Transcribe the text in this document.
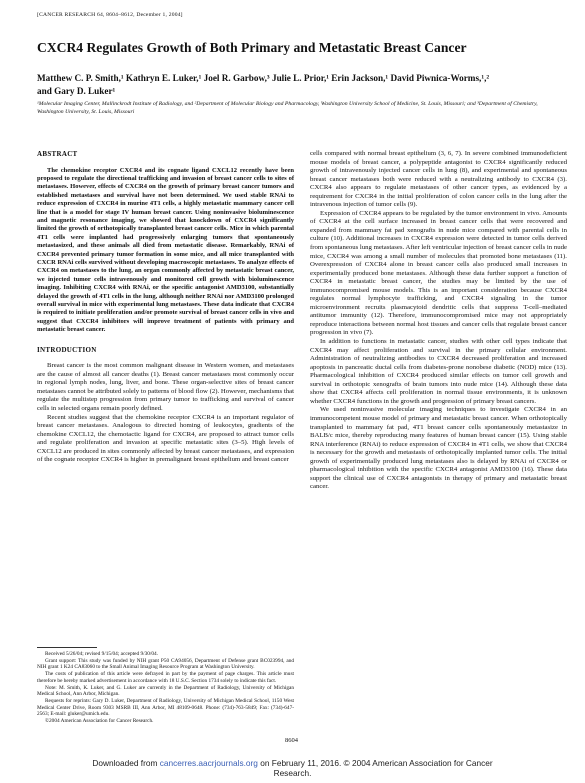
[CANCER RESEARCH 64, 8604–8612, December 1, 2004]
CXCR4 Regulates Growth of Both Primary and Metastatic Breast Cancer
Matthew C. P. Smith,¹ Kathryn E. Luker,¹ Joel R. Garbow,³ Julie L. Prior,¹ Erin Jackson,¹ David Piwnica-Worms,¹,²
and Gary D. Luker¹
¹Molecular Imaging Center, Mallinckrodt Institute of Radiology, and ²Department of Molecular Biology and Pharmacology, Washington University School of Medicine, St. Louis, Missouri; and ³Department of Chemistry, Washington University, St. Louis, Missouri
ABSTRACT

The chemokine receptor CXCR4 and its cognate ligand CXCL12 recently have been proposed to regulate the directional trafficking and invasion of breast cancer cells to sites of metastases. However, effects of CXCR4 on the growth of primary breast cancer tumors and established metastases and survival have not been determined. We used stable RNAi to reduce expression of CXCR4 in murine 4T1 cells, a highly metastatic mammary cancer cell line that is a model for stage IV human breast cancer. Using noninvasive bioluminescence and magnetic resonance imaging, we showed that knockdown of CXCR4 significantly limited the growth of orthotopically transplanted breast cancer cells. Mice in which parental 4T1 cells were implanted had progressively enlarging tumors that spontaneously metastasized, and these animals all died from metastatic disease. Remarkably, RNAi of CXCR4 prevented primary tumor formation in some mice, and all mice transplanted with CXCR RNAi cells survived without developing macroscopic metastases. To analyze effects of CXCR4 on metastases to the lung, an organ commonly affected by metastatic breast cancer, we injected tumor cells intravenously and monitored cell growth with bioluminescence imaging. Inhibiting CXCR4 with RNAi, or the specific antagonist AMD3100, substantially delayed the growth of 4T1 cells in the lung, although neither RNAi nor AMD3100 prolonged overall survival in mice with experimental lung metastases. These data indicate that CXCR4 is required to initiate proliferation and/or promote survival of breast cancer cells in vivo and suggest that CXCR4 inhibitors will improve treatment of patients with primary and metastatic breast cancer.

INTRODUCTION

Breast cancer is the most common malignant disease in Western women, and metastases are the cause of almost all cancer deaths (1). Breast cancer metastases most commonly occur in regional lymph nodes, lung, liver, and bone. These organ-selective sites of breast cancer metastases cannot be attributed solely to patterns of blood flow (2). However, mechanisms that regulate the multistep progression from primary tumor to trafficking and survival of cancer cells in selected organs remain poorly defined.

Recent studies suggest that the chemokine receptor CXCR4 is an important regulator of breast cancer metastases. Analogous to directed homing of leukocytes, gradients of the chemokine CXCL12, the chemotactic ligand for CXCR4, are proposed to attract tumor cells and regulate proliferation and invasion at specific metastatic sites (3–5). High levels of CXCL12 are produced in sites commonly affected by breast cancer metastases, and expression of the cognate receptor CXCR4 is higher in premalignant breast epithelium and breast cancer

cells compared with normal breast epithelium (3, 6, 7). In severe combined immunodeficient mouse models of breast cancer, a polypeptide antagonist to CXCR4 significantly reduced growth of intravenously injected cancer cells in lung (8), and experimental and spontaneous breast cancer metastases both were reduced with a neutralizing antibody to CXCR4 (3). CXCR4 also appears to regulate metastases of other cancer types, as evidenced by a requirement for CXCR4 in the initial proliferation of colon cancer cells in the lung after the intravenous injection of tumor cells (9).

Expression of CXCR4 appears to be regulated by the tumor environment in vivo. Amounts of CXCR4 at the cell surface increased in breast cancer cells that were recovered and expanded from mammary fat pad xenografts in nude mice compared with parental cells in culture (10). Additional increases in CXCR4 expression were detected in tumor cells derived from spontaneous lung metastases. After left ventricular injection of breast cancer cells in nude mice, CXCR4 was among a small number of molecules that promoted bone metastases (11). Overexpression of CXCR4 alone in breast cancer cells also produced small increases in experimentally produced bone metastases. Although these data further support a function of CXCR4 in metastatic breast cancer, the studies may be limited by the use of immunocompromised mouse models. This is an important consideration because CXCR4 regulates normal lymphocyte trafficking, and CXCR4 signaling in the tumor microenvironment recruits plasmacytoid dendritic cells that suppress T-cell–mediated antitumor immunity (12). Therefore, immunocompromised mice may not appropriately reproduce interactions between normal host tissues and cancer cells that regulate breast cancer progression in vivo (7).

In addition to functions in metastatic cancer, studies with other cell types indicate that CXCR4 may affect proliferation and survival in the primary cellular environment. Administration of neutralizing antibodies to CXCR4 decreased proliferation and increased apoptosis in pancreatic ductal cells from diabetes-prone nonobese diabetic (NOD) mice (13). Pharmacological inhibition of CXCR4 produced similar effects on tumor cell growth and survival in orthotopic xenografts of brain tumors into nude mice (14). Although these data show that CXCR4 affects cell proliferation in normal tissue environments, it is unknown whether CXCR4 functions in the growth and progression of primary breast cancers.

We used noninvasive molecular imaging techniques to investigate CXCR4 in an immunocompetent mouse model of primary and metastatic breast cancer. When orthotopically transplanted to mammary fat pad, 4T1 breast cancer cells spontaneously metastasize in BALB/c mice, thereby reproducing many features of human breast cancer (15). Using stable RNA interference (RNAi) to reduce expression of CXCR4 in 4T1 cells, we show that CXCR4 is necessary for the growth and metastasis of orthotopically implanted tumor cells. The initial growth of experimentally produced lung metastases also is delayed by RNAi of CXCR4 or pharmacological inhibition with the specific CXCR4 antagonist AMD3100 (16). These data support the clinical use of CXCR4 antagonists in therapy of primary and metastatic breast cancer.

Received 5/26/04; revised 9/15/04; accepted 9/30/04.
Grant support: This study was funded by NIH grant P50 CA94056, Department of Defense grant BC023994, and NIH grant 1 K24 CA83060 to the Small Animal Imaging Resource Program at Washington University.
The costs of publication of this article were defrayed in part by the payment of page charges. This article must therefore be hereby marked advertisement in accordance with 18 U.S.C. Section 1734 solely to indicate this fact.
Note: M. Smith, K. Luker, and G. Luker are currently in the Department of Radiology, University of Michigan Medical School, Ann Arbor, Michigan.
Requests for reprints: Gary D. Luker, Department of Radiology, University of Michigan Medical School, 1150 West Medical Center Drive, Room 9303 MSRB III, Ann Arbor, MI 48109-0648. Phone: (734)-763-5849; Fax: (734)-647-2563; E-mail: gluker@umich.edu.
©2004 American Association for Cancer Research.
8604
Downloaded from cancerres.aacrjournals.org on February 11, 2016. © 2004 American Association for Cancer
Research.
